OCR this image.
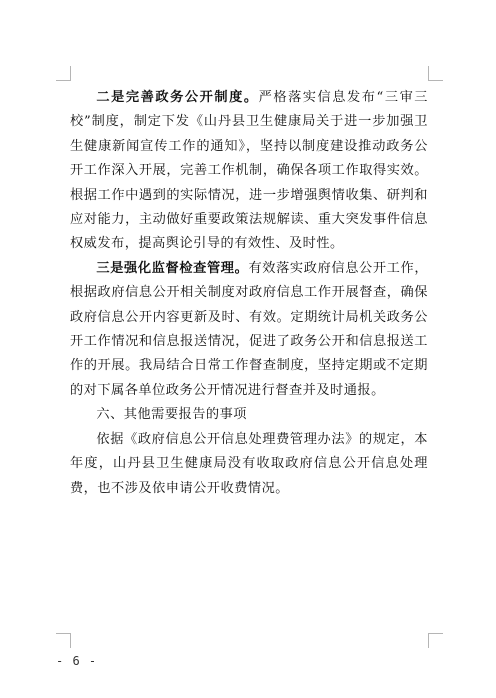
二是完善政务公开制度。严格落实信息发布“三审三校”制度，制定下发《山丹县卫生健康局关于进一步加强卫生健康新闻宣传工作的通知》，坚持以制度建设推动政务公开工作深入开展，完善工作机制，确保各项工作取得实效。根据工作中遇到的实际情况，进一步增强舆情收集、研判和应对能力，主动做好重要政策法规解读、重大突发事件信息权威发布，提高舆论引导的有效性、及时性。

三是强化监督检查管理。有效落实政府信息公开工作，根据政府信息公开相关制度对政府信息工作开展督查，确保政府信息公开内容更新及时、有效。定期统计局机关政务公开工作情况和信息报送情况，促进了政务公开和信息报送工作的开展。我局结合日常工作督查制度，坚持定期或不定期的对下属各单位政务公开情况进行督查并及时通报。

六、其他需要报告的事项

依据《政府信息公开信息处理费管理办法》的规定，本年度，山丹县卫生健康局没有收取政府信息公开信息处理费，也不涉及依申请公开收费情况。

- 6 -
